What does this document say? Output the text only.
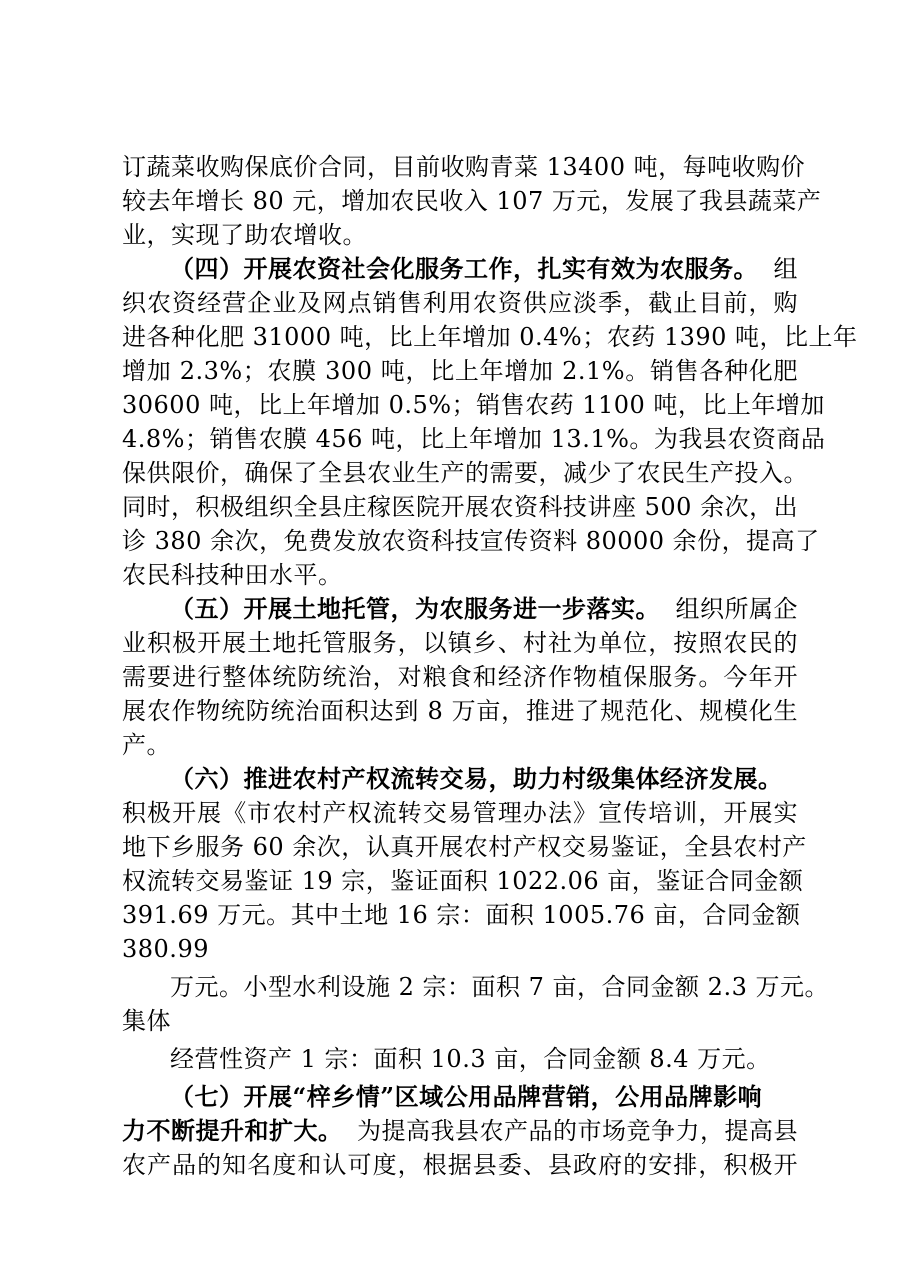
订蔬菜收购保底价合同，目前收购青菜 13400 吨，每吨收购价
较去年增长 80 元，增加农民收入 107 万元，发展了我县蔬菜产
业，实现了助农增收。
（四）开展农资社会化服务工作，扎实有效为农服务。 组
织农资经营企业及网点销售利用农资供应淡季，截止目前，购
进各种化肥 31000 吨，比上年增加 0.4%；农药 1390 吨，比上年
增加 2.3%；农膜 300 吨，比上年增加 2.1%。销售各种化肥
30600 吨，比上年增加 0.5%；销售农药 1100 吨，比上年增加
4.8%；销售农膜 456 吨，比上年增加 13.1%。为我县农资商品
保供限价，确保了全县农业生产的需要，减少了农民生产投入。
同时，积极组织全县庄稼医院开展农资科技讲座 500 余次，出
诊 380 余次，免费发放农资科技宣传资料 80000 余份，提高了
农民科技种田水平。
（五）开展土地托管，为农服务进一步落实。 组织所属企
业积极开展土地托管服务，以镇乡、村社为单位，按照农民的
需要进行整体统防统治，对粮食和经济作物植保服务。今年开
展农作物统防统治面积达到 8 万亩，推进了规范化、规模化生
产。
（六）推进农村产权流转交易，助力村级集体经济发展。
积极开展《市农村产权流转交易管理办法》宣传培训，开展实
地下乡服务 60 余次，认真开展农村产权交易鉴证，全县农村产
权流转交易鉴证 19 宗，鉴证面积 1022.06 亩，鉴证合同金额
391.69 万元。其中土地 16 宗：面积 1005.76 亩，合同金额
380.99
万元。小型水利设施 2 宗：面积 7 亩，合同金额 2.3 万元。
集体
经营性资产 1 宗：面积 10.3 亩，合同金额 8.4 万元。
（七）开展“梓乡情”区域公用品牌营销，公用品牌影响
力不断提升和扩大。 为提高我县农产品的市场竞争力，提高县
农产品的知名度和认可度，根据县委、县政府的安排，积极开
